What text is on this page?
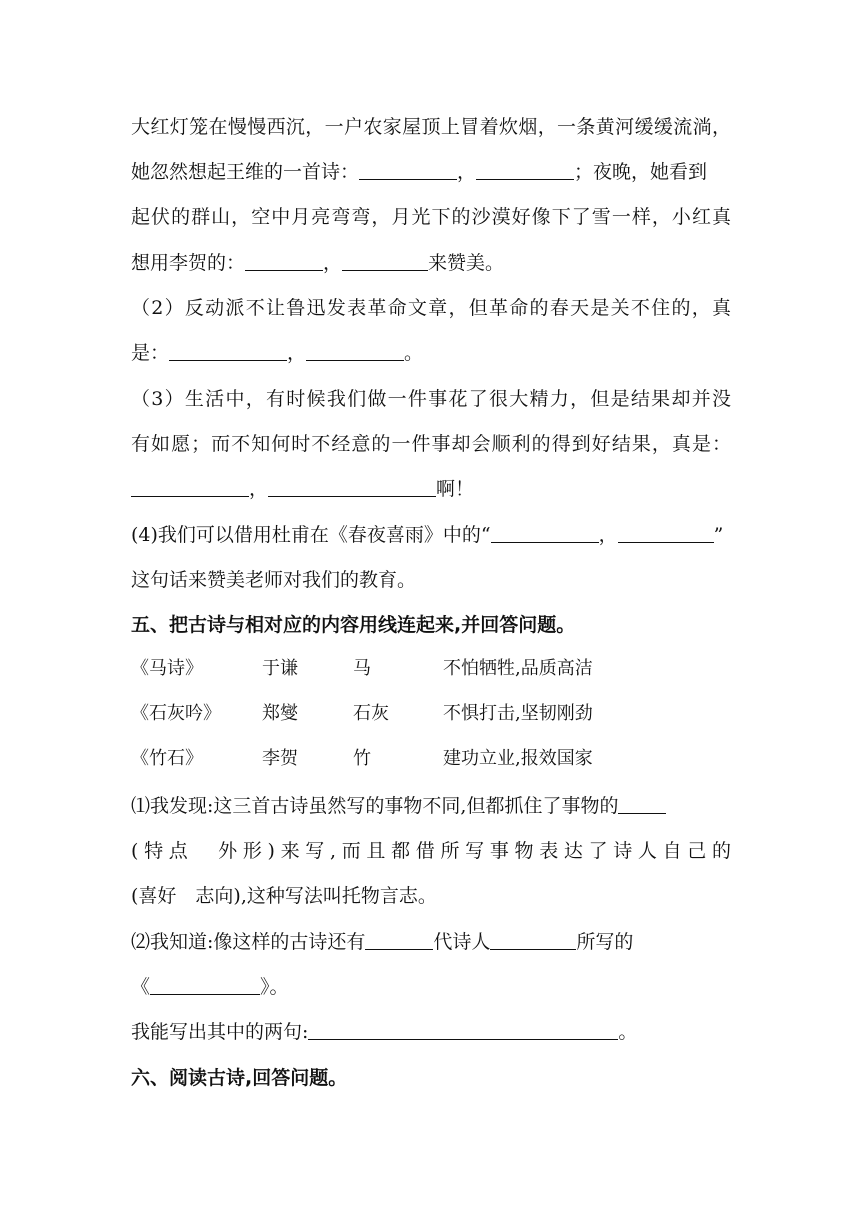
大红灯笼在慢慢西沉，一户农家屋顶上冒着炊烟，一条黄河缓缓流淌，
她忽然想起王维的一首诗：	，	；夜晚，她看到
起伏的群山，空中月亮弯弯，月光下的沙漠好像下了雪一样，小红真
想用李贺的：	，	来赞美。
（2）反动派不让鲁迅发表革命文章，但革命的春天是关不住的，真
是：	，	。
（3）生活中，有时候我们做一件事花了很大精力，但是结果却并没
有如愿；而不知何时不经意的一件事却会顺利的得到好结果，真是：
，	啊！
(4)我们可以借用杜甫在《春夜喜雨》中的“	，	”
这句话来赞美老师对我们的教育。
五、把古诗与相对应的内容用线连起来,并回答问题。
《马诗》	于谦	马	不怕牺牲,品质高洁
《石灰吟》 郑燮	石灰	不惧打击,坚韧刚劲
《竹石》	李贺	竹	建功立业,报效国家
⑴我发现:这三首古诗虽然写的事物不同,但都抓住了事物的
(特点　外形)来写,而且都借所写事物表达了诗人自己的
(喜好　志向),这种写法叫托物言志。
⑵我知道:像这样的古诗还有	代诗人	所写的
《	》。
我能写出其中的两句:	。
六、阅读古诗,回答问题。
